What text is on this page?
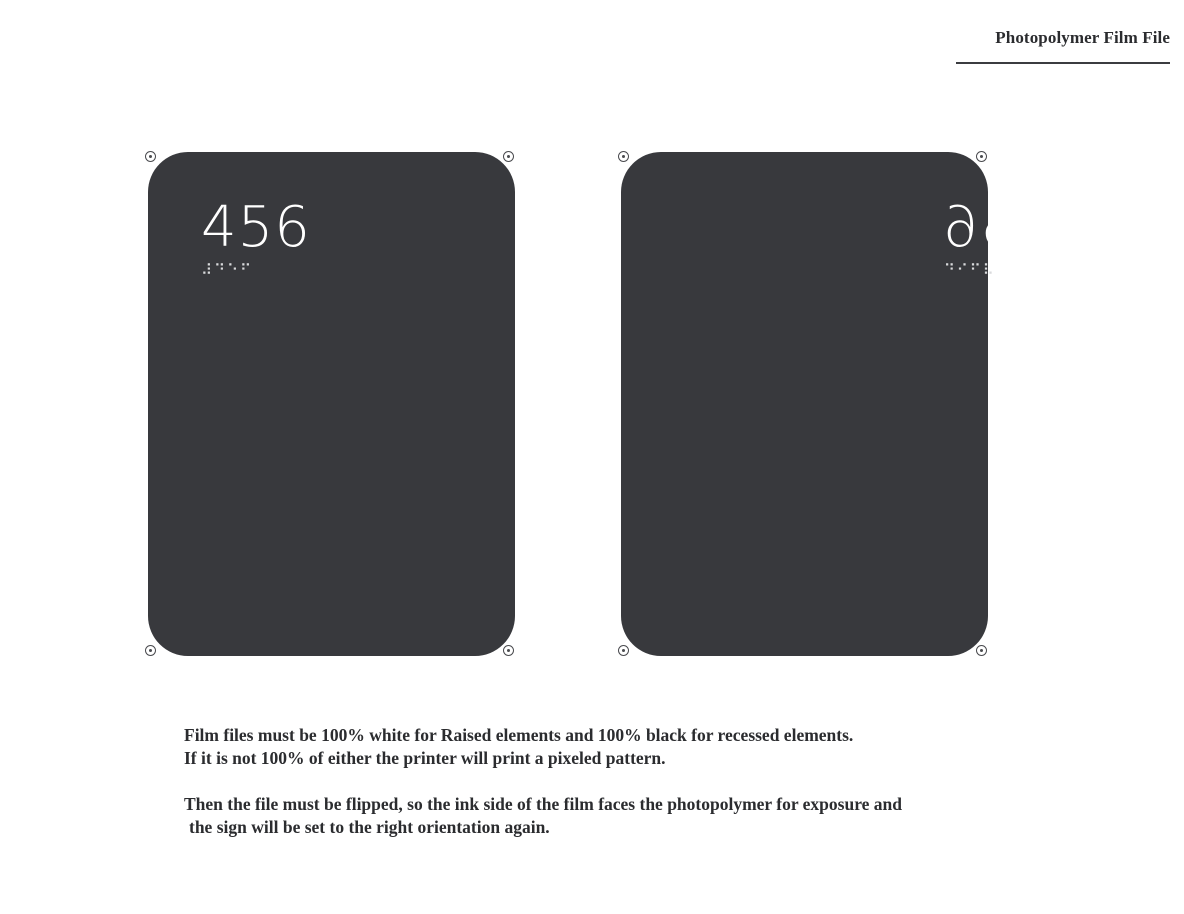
Photopolymer Film File
456
⠼⠙⠑⠋
456
⠼⠙⠑⠋
Film files must be 100% white for Raised elements and 100% black for recessed elements.
If it is not 100% of either the printer will print a pixeled pattern.
Then the file must be flipped, so the ink side of the film faces the photopolymer for exposure and
the sign will be set to the right orientation again.
